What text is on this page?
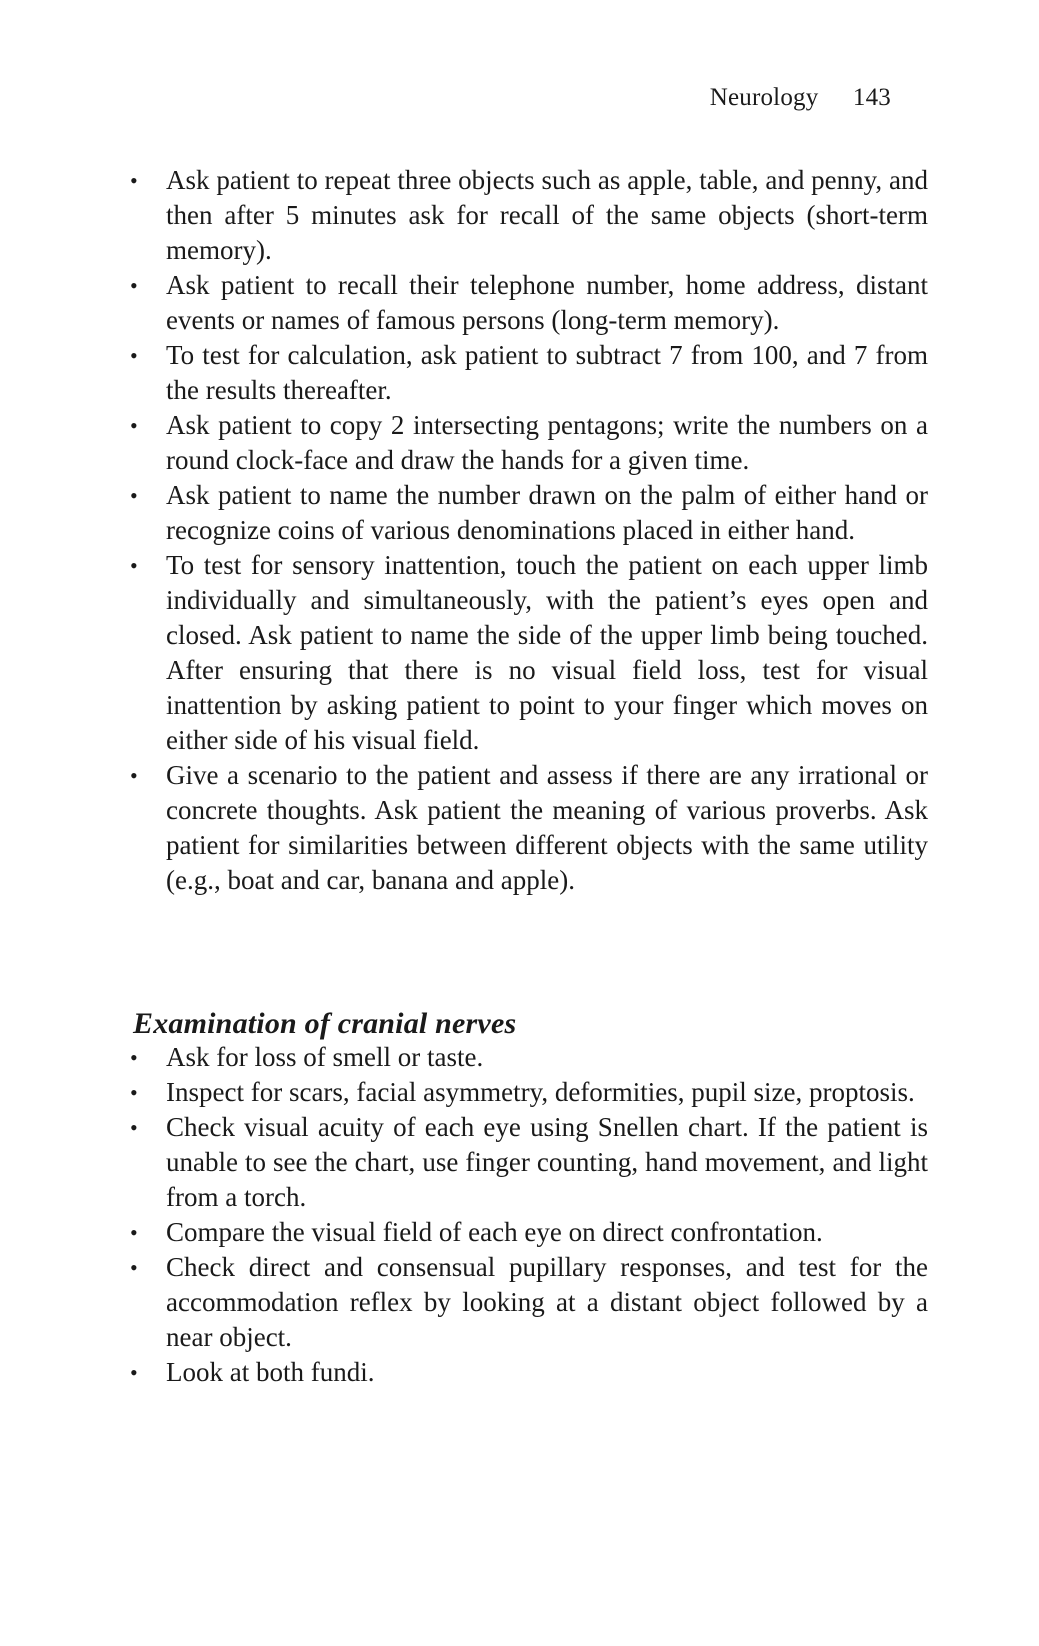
Neurology 143
• Ask patient to repeat three objects such as apple, table, and penny, and then after 5 minutes ask for recall of the same objects (short-term memory).
• Ask patient to recall their telephone number, home address, distant events or names of famous persons (long-term memory).
• To test for calculation, ask patient to subtract 7 from 100, and 7 from the results thereafter.
• Ask patient to copy 2 intersecting pentagons; write the numbers on a round clock-face and draw the hands for a given time.
• Ask patient to name the number drawn on the palm of either hand or recognize coins of various denominations placed in either hand.
• To test for sensory inattention, touch the patient on each upper limb individually and simultaneously, with the patient’s eyes open and closed. Ask patient to name the side of the upper limb being touched. After ensuring that there is no visual field loss, test for visual inattention by asking patient to point to your finger which moves on either side of his visual field.
• Give a scenario to the patient and assess if there are any irrational or concrete thoughts. Ask patient the meaning of various proverbs. Ask patient for similarities between different objects with the same utility (e.g., boat and car, banana and apple).
Examination of cranial nerves
• Ask for loss of smell or taste.
• Inspect for scars, facial asymmetry, deformities, pupil size, proptosis.
• Check visual acuity of each eye using Snellen chart. If the patient is unable to see the chart, use finger counting, hand movement, and light from a torch.
• Compare the visual field of each eye on direct confrontation.
• Check direct and consensual pupillary responses, and test for the accommodation reflex by looking at a distant object followed by a near object.
• Look at both fundi.
